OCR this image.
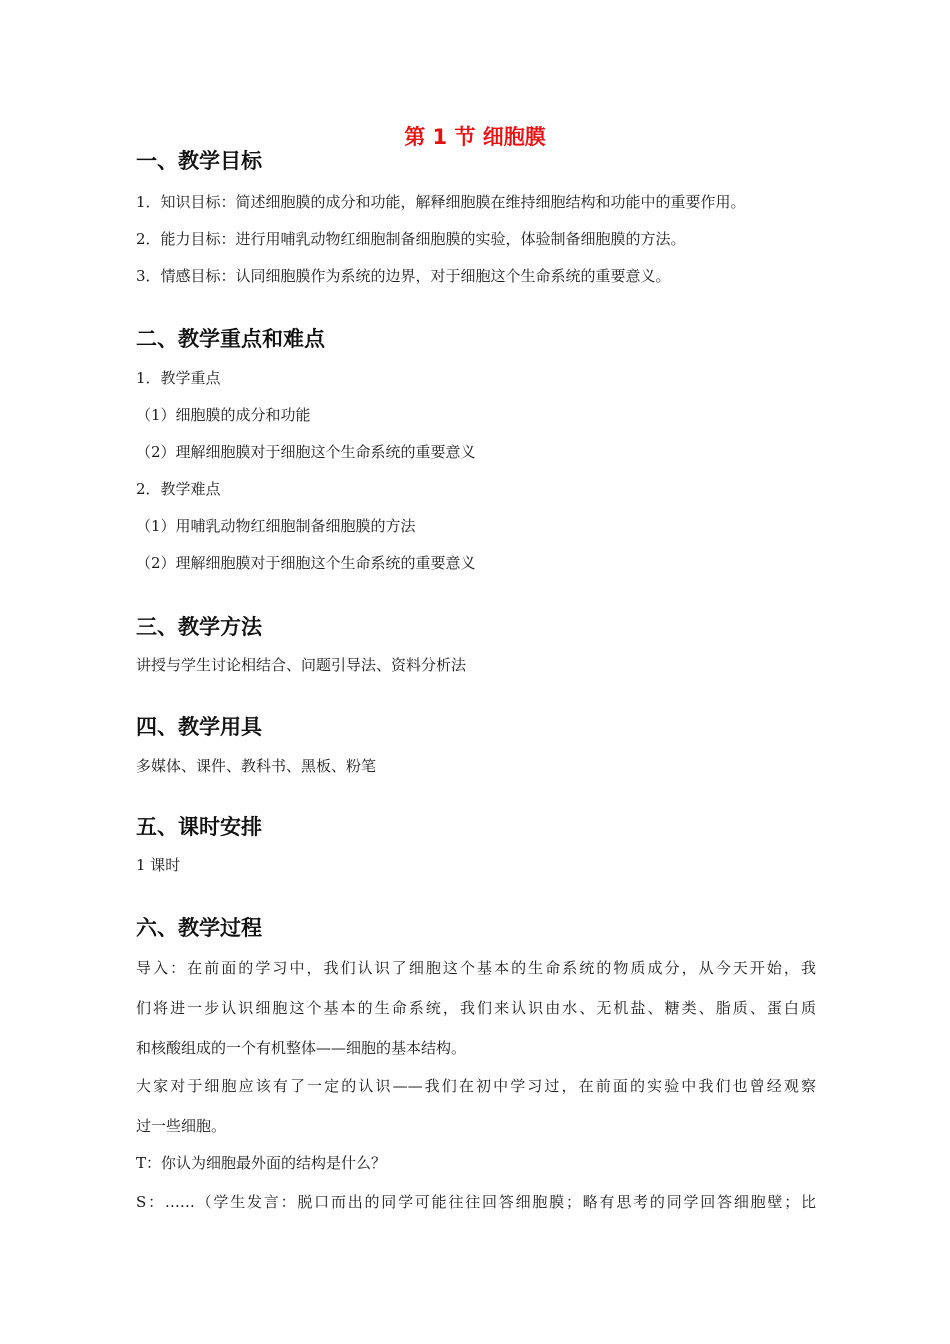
第 1 节 细胞膜
一、教学目标
1．知识目标：简述细胞膜的成分和功能，解释细胞膜在维持细胞结构和功能中的重要作用。
2．能力目标：进行用哺乳动物红细胞制备细胞膜的实验，体验制备细胞膜的方法。
3．情感目标：认同细胞膜作为系统的边界，对于细胞这个生命系统的重要意义。
二、教学重点和难点
1．教学重点
（1）细胞膜的成分和功能
（2）理解细胞膜对于细胞这个生命系统的重要意义
2．教学难点
（1）用哺乳动物红细胞制备细胞膜的方法
（2）理解细胞膜对于细胞这个生命系统的重要意义
三、教学方法
讲授与学生讨论相结合、问题引导法、资料分析法
四、教学用具
多媒体、课件、教科书、黑板、粉笔
五、课时安排
1 课时
六、教学过程
导入：在前面的学习中，我们认识了细胞这个基本的生命系统的物质成分，从今天开始，我
们将进一步认识细胞这个基本的生命系统，我们来认识由水、无机盐、糖类、脂质、蛋白质
和核酸组成的一个有机整体——细胞的基本结构。
大家对于细胞应该有了一定的认识——我们在初中学习过，在前面的实验中我们也曾经观察
过一些细胞。
T：你认为细胞最外面的结构是什么？
S：……（学生发言：脱口而出的同学可能往往回答细胞膜；略有思考的同学回答细胞壁；比
